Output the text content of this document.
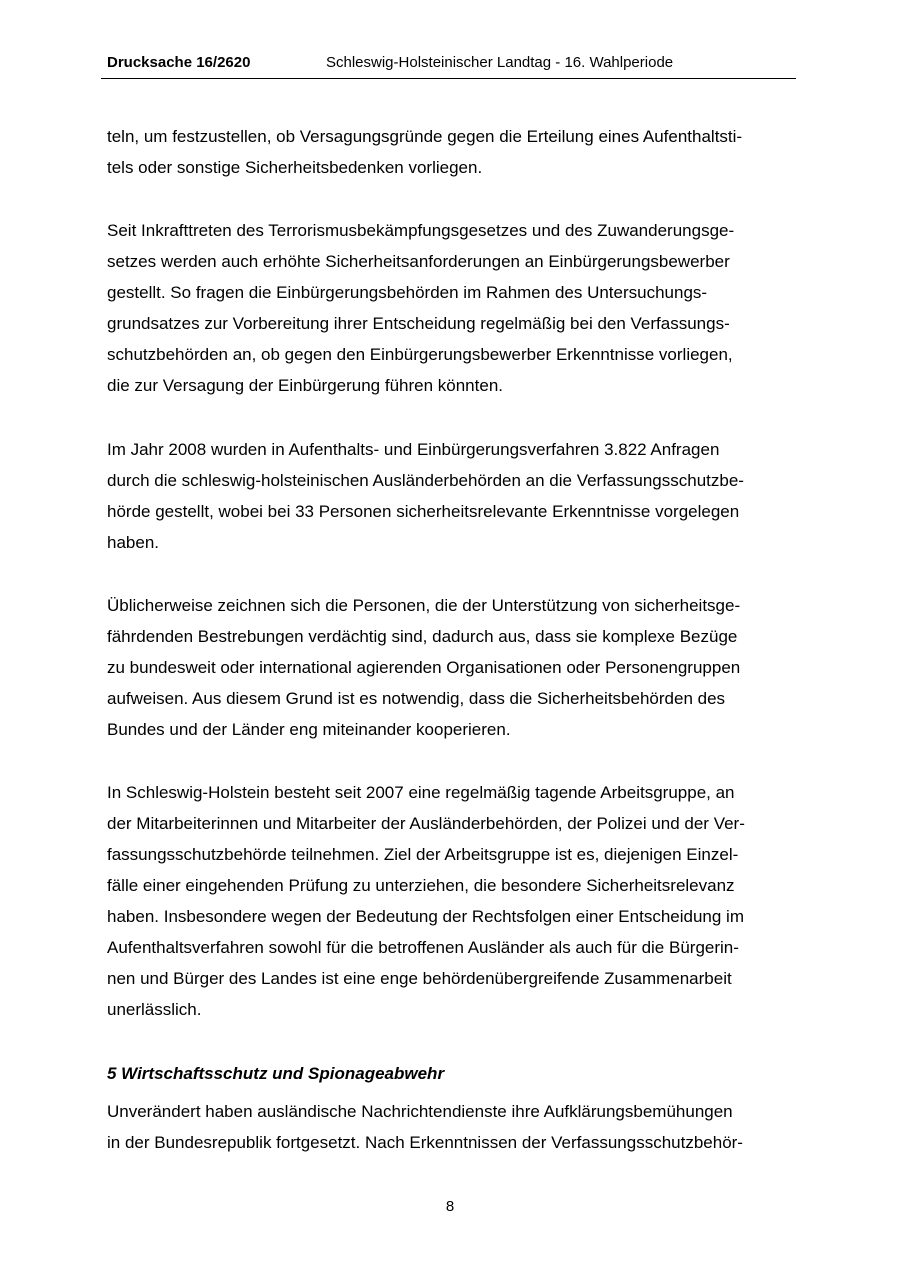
Drucksache 16/2620	Schleswig-Holsteinischer Landtag - 16. Wahlperiode
teln, um festzustellen, ob Versagungsgründe gegen die Erteilung eines Aufenthaltsti-
tels oder sonstige Sicherheitsbedenken vorliegen.
Seit Inkrafttreten des Terrorismusbekämpfungsgesetzes und des Zuwanderungsge-
setzes werden auch erhöhte Sicherheitsanforderungen an Einbürgerungsbewerber
gestellt. So fragen die Einbürgerungsbehörden im Rahmen des Untersuchungs-
grundsatzes zur Vorbereitung ihrer Entscheidung regelmäßig bei den Verfassungs-
schutzbehörden an, ob gegen den Einbürgerungsbewerber Erkenntnisse vorliegen,
die zur Versagung der Einbürgerung führen könnten.
Im Jahr 2008 wurden in Aufenthalts- und Einbürgerungsverfahren 3.822 Anfragen
durch die schleswig-holsteinischen Ausländerbehörden an die Verfassungsschutzbe-
hörde gestellt, wobei bei 33 Personen sicherheitsrelevante Erkenntnisse vorgelegen
haben.
Üblicherweise zeichnen sich die Personen, die der Unterstützung von sicherheitsge-
fährdenden Bestrebungen verdächtig sind, dadurch aus, dass sie komplexe Bezüge
zu bundesweit oder international agierenden Organisationen oder Personengruppen
aufweisen. Aus diesem Grund ist es notwendig, dass die Sicherheitsbehörden des
Bundes und der Länder eng miteinander kooperieren.
In Schleswig-Holstein besteht seit 2007 eine regelmäßig tagende Arbeitsgruppe, an
der Mitarbeiterinnen und Mitarbeiter der Ausländerbehörden, der Polizei und der Ver-
fassungsschutzbehörde teilnehmen. Ziel der Arbeitsgruppe ist es, diejenigen Einzel-
fälle einer eingehenden Prüfung zu unterziehen, die besondere Sicherheitsrelevanz
haben. Insbesondere wegen der Bedeutung der Rechtsfolgen einer Entscheidung im
Aufenthaltsverfahren sowohl für die betroffenen Ausländer als auch für die Bürgerin-
nen und Bürger des Landes ist eine enge behördenübergreifende Zusammenarbeit
unerlässlich.
5 Wirtschaftsschutz und Spionageabwehr
Unverändert haben ausländische Nachrichtendienste ihre Aufklärungsbemühungen
in der Bundesrepublik fortgesetzt. Nach Erkenntnissen der Verfassungsschutzbehör-
8
